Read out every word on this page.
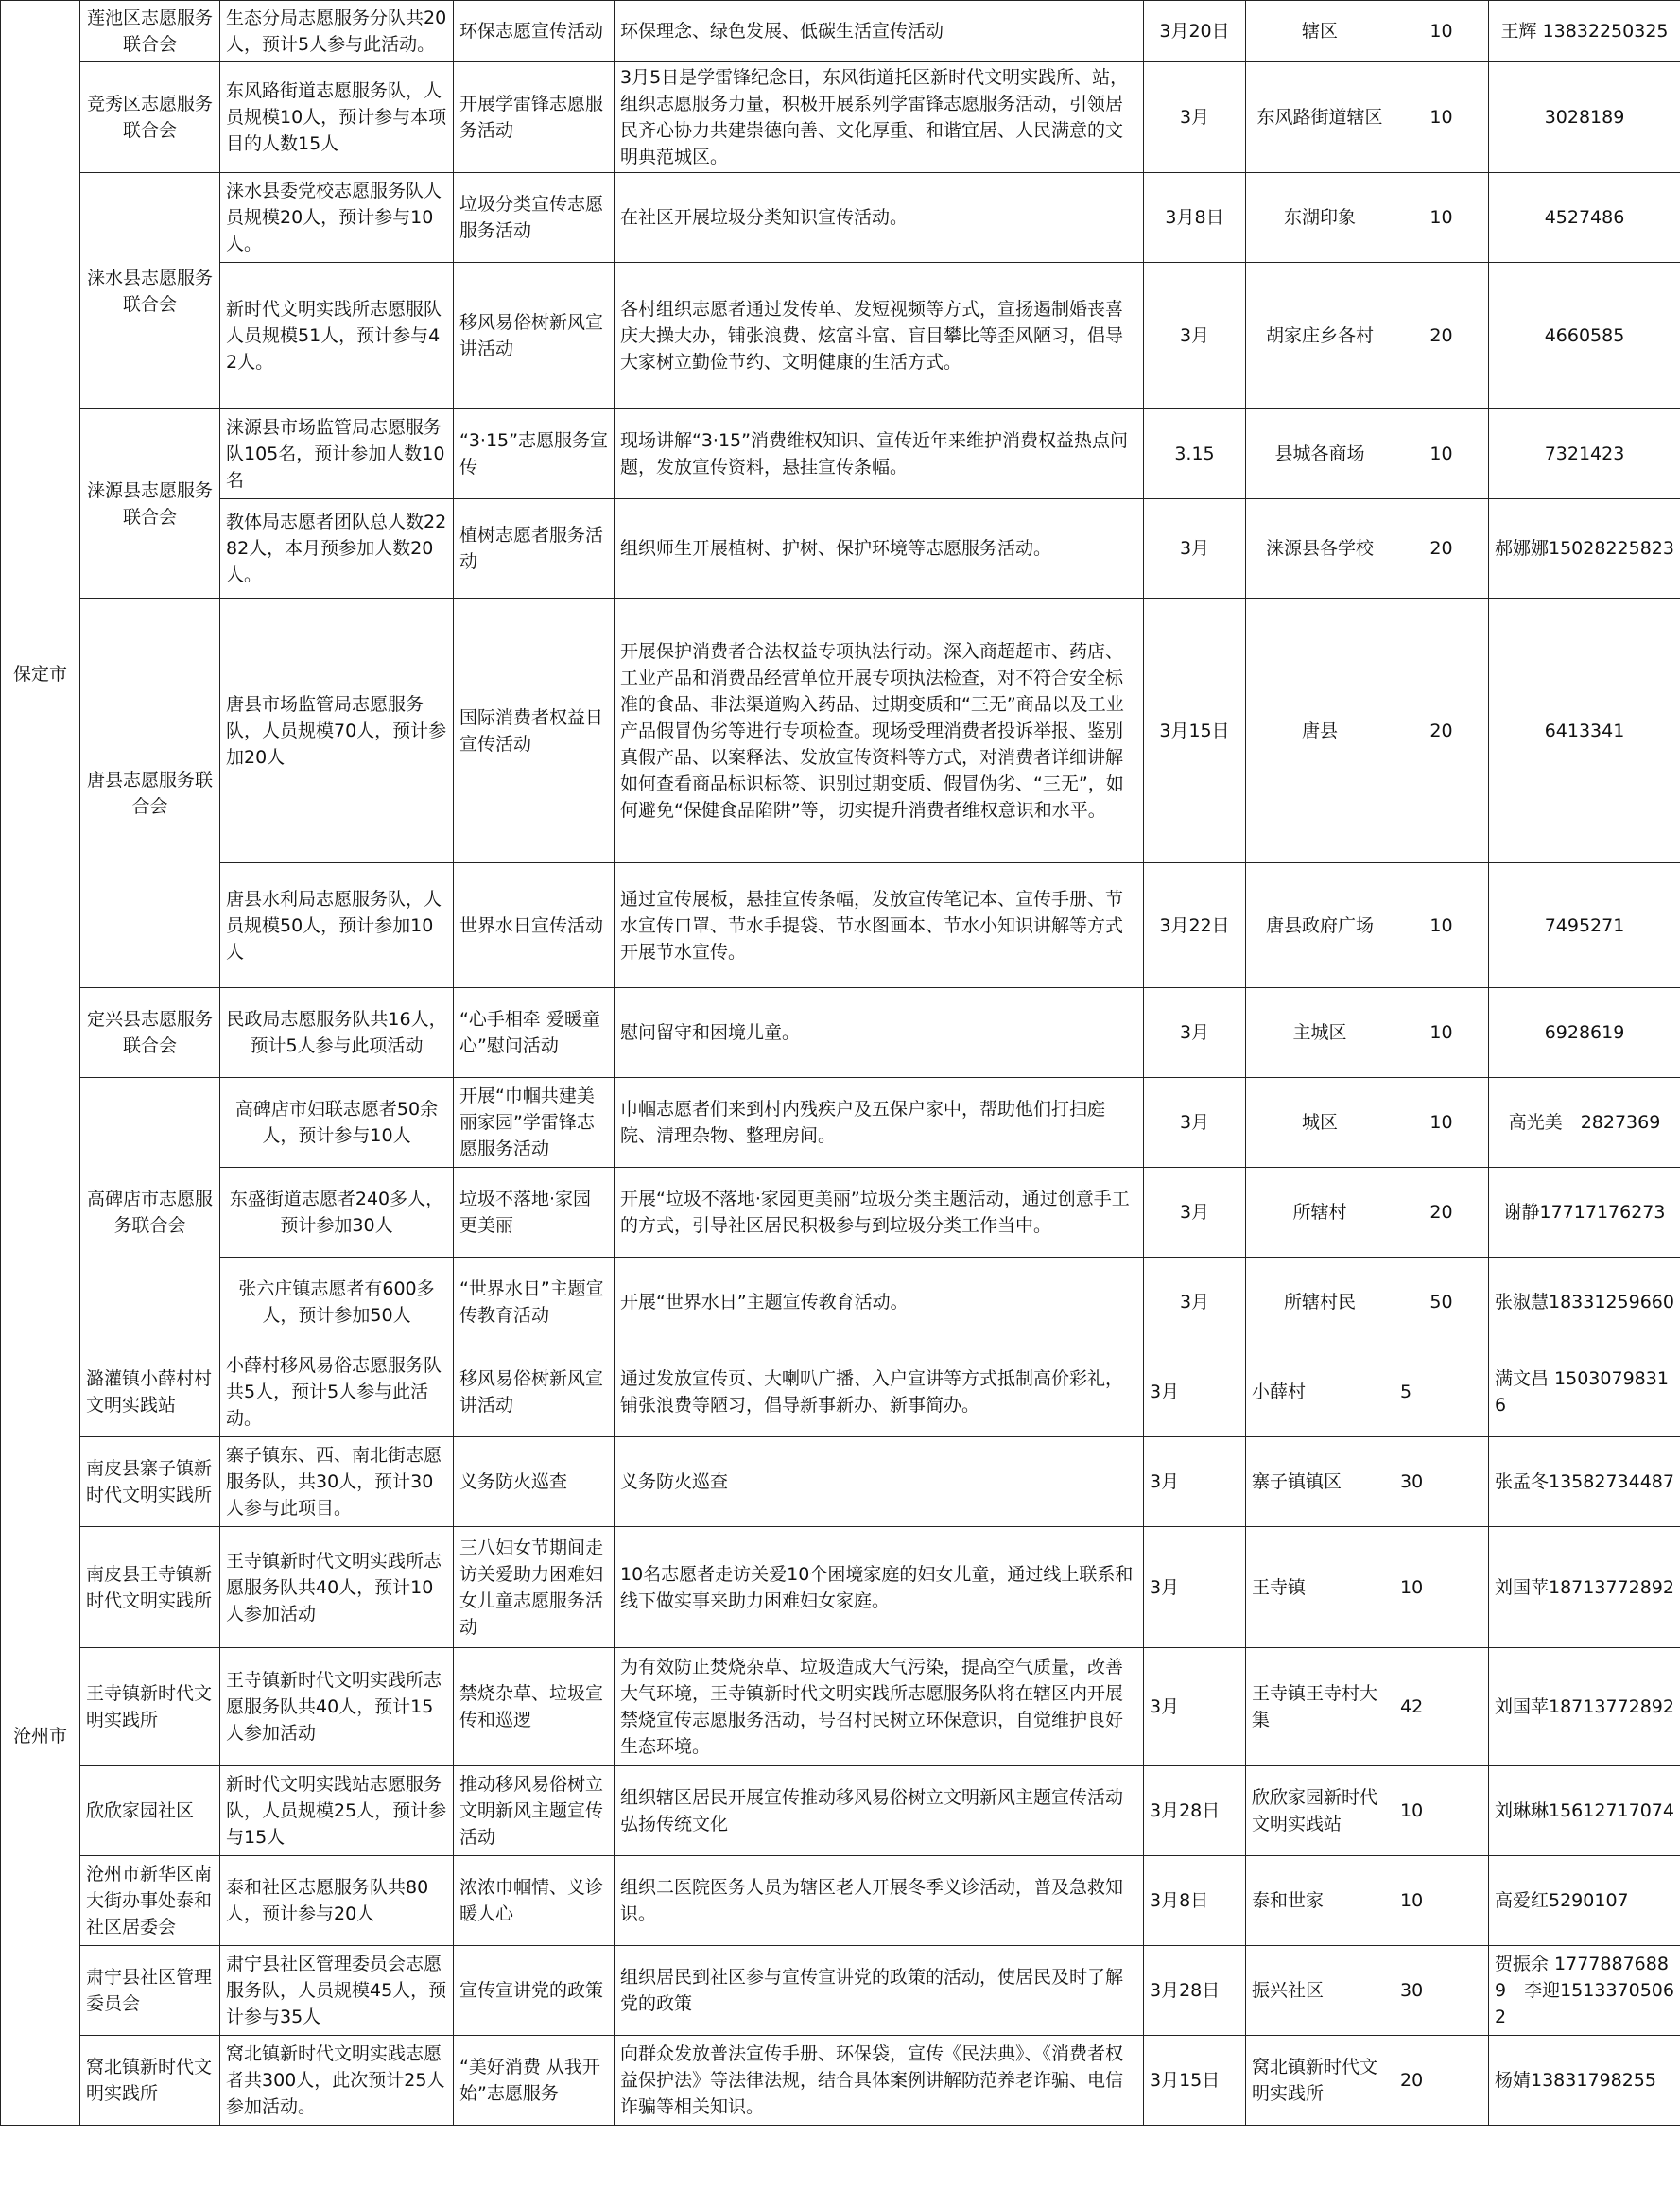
保定市	莲池区志愿服务联合会	生态分局志愿服务分队共20人，预计5人参与此活动。	环保志愿宣传活动	环保理念、绿色发展、低碳生活宣传活动	3月20日	辖区	10	王辉 13832250325
	竞秀区志愿服务联合会	东风路街道志愿服务队，人员规模10人，预计参与本项目的人数15人	开展学雷锋志愿服务活动	3月5日是学雷锋纪念日，东风街道托区新时代文明实践所、站，组织志愿服务力量，积极开展系列学雷锋志愿服务活动，引领居民齐心协力共建崇德向善、文化厚重、和谐宜居、人民满意的文明典范城区。	3月	东风路街道辖区	10	3028189
	涞水县志愿服务联合会	涞水县委党校志愿服务队人员规模20人，预计参与10人。	垃圾分类宣传志愿服务活动	在社区开展垃圾分类知识宣传活动。	3月8日	东湖印象	10	4527486
		新时代文明实践所志愿服队人员规模51人，预计参与42人。	移风易俗树新风宣讲活动	各村组织志愿者通过发传单、发短视频等方式，宣扬遏制婚丧喜庆大操大办，铺张浪费、炫富斗富、盲目攀比等歪风陋习，倡导大家树立勤俭节约、文明健康的生活方式。	3月	胡家庄乡各村	20	4660585
	涞源县志愿服务联合会	涞源县市场监管局志愿服务队105名，预计参加人数10名	“3·15”志愿服务宣传	现场讲解“3·15”消费维权知识、宣传近年来维护消费权益热点问题，发放宣传资料，悬挂宣传条幅。	3.15	县城各商场	10	7321423
		教体局志愿者团队总人数2282人，本月预参加人数20人。	植树志愿者服务活动	组织师生开展植树、护树、保护环境等志愿服务活动。	3月	涞源县各学校	20	郝娜娜15028225823
	唐县志愿服务联合会	唐县市场监管局志愿服务队，人员规模70人，预计参加20人	国际消费者权益日宣传活动	开展保护消费者合法权益专项执法行动。深入商超超市、药店、工业产品和消费品经营单位开展专项执法检查，对不符合安全标准的食品、非法渠道购入药品、过期变质和“三无”商品以及工业产品假冒伪劣等进行专项检查。现场受理消费者投诉举报、鉴别真假产品、以案释法、发放宣传资料等方式，对消费者详细讲解如何查看商品标识标签、识别过期变质、假冒伪劣、“三无”，如何避免“保健食品陷阱”等，切实提升消费者维权意识和水平。	3月15日	唐县	20	6413341
		唐县水利局志愿服务队，人员规模50人，预计参加10人	世界水日宣传活动	通过宣传展板，悬挂宣传条幅，发放宣传笔记本、宣传手册、节水宣传口罩、节水手提袋、节水图画本、节水小知识讲解等方式开展节水宣传。	3月22日	唐县政府广场	10	7495271
	定兴县志愿服务联合会	民政局志愿服务队共16人，预计5人参与此项活动	“心手相牵 爱暖童心”慰问活动	慰问留守和困境儿童。	3月	主城区	10	6928619
	高碑店市志愿服务联合会	高碑店市妇联志愿者50余人，预计参与10人	开展“巾帼共建美丽家园”学雷锋志愿服务活动	巾帼志愿者们来到村内残疾户及五保户家中，帮助他们打扫庭院、清理杂物、整理房间。	3月	城区	10	高光美　2827369
		东盛街道志愿者240多人，预计参加30人	垃圾不落地·家园更美丽	开展“垃圾不落地·家园更美丽”垃圾分类主题活动，通过创意手工的方式，引导社区居民积极参与到垃圾分类工作当中。	3月	所辖村	20	谢静17717176273
		张六庄镇志愿者有600多人，预计参加50人	“世界水日”主题宣传教育活动	开展“世界水日”主题宣传教育活动。	3月	所辖村民	50	张淑慧18331259660

沧州市	潞灌镇小薛村村文明实践站	小薛村移风易俗志愿服务队共5人，预计5人参与此活动。	移风易俗树新风宣讲活动	通过发放宣传页、大喇叭广播、入户宣讲等方式抵制高价彩礼，铺张浪费等陋习，倡导新事新办、新事简办。	3月	小薛村	5	满文昌 15030798316
	南皮县寨子镇新时代文明实践所	寨子镇东、西、南北街志愿服务队，共30人，预计30人参与此项目。	义务防火巡查	义务防火巡查	3月	寨子镇镇区	30	张孟冬13582734487
	南皮县王寺镇新时代文明实践所	王寺镇新时代文明实践所志愿服务队共40人，预计10人参加活动	三八妇女节期间走访关爱助力困难妇女儿童志愿服务活动	10名志愿者走访关爱10个困境家庭的妇女儿童，通过线上联系和线下做实事来助力困难妇女家庭。	3月	王寺镇	10	刘国苹18713772892
	王寺镇新时代文明实践所	王寺镇新时代文明实践所志愿服务队共40人，预计15人参加活动	禁烧杂草、垃圾宣传和巡逻	为有效防止焚烧杂草、垃圾造成大气污染，提高空气质量，改善大气环境，王寺镇新时代文明实践所志愿服务队将在辖区内开展禁烧宣传志愿服务活动，号召村民树立环保意识，自觉维护良好生态环境。	3月	王寺镇王寺村大集	42	刘国苹18713772892
	欣欣家园社区	新时代文明实践站志愿服务队，人员规模25人，预计参与15人	推动移风易俗树立文明新风主题宣传活动	组织辖区居民开展宣传推动移风易俗树立文明新风主题宣传活动弘扬传统文化	3月28日	欣欣家园新时代文明实践站	10	刘琳琳15612717074
	沧州市新华区南大街办事处泰和社区居委会	泰和社区志愿服务队共80人，预计参与20人	浓浓巾帼情、义诊暖人心	组织二医院医务人员为辖区老人开展冬季义诊活动，普及急救知识。	3月8日	泰和世家	10	高爱红5290107
	肃宁县社区管理委员会	肃宁县社区管理委员会志愿服务队，人员规模45人，预计参与35人	宣传宣讲党的政策	组织居民到社区参与宣传宣讲党的政策的活动，使居民及时了解党的政策	3月28日	振兴社区	30	贺振余 17778876889　李迎15133705062
	窝北镇新时代文明实践所	窝北镇新时代文明实践志愿者共300人，此次预计25人参加活动。	“美好消费 从我开始”志愿服务	向群众发放普法宣传手册、环保袋，宣传《民法典》、《消费者权益保护法》等法律法规，结合具体案例讲解防范养老诈骗、电信诈骗等相关知识。	3月15日	窝北镇新时代文明实践所	20	杨婧13831798255
